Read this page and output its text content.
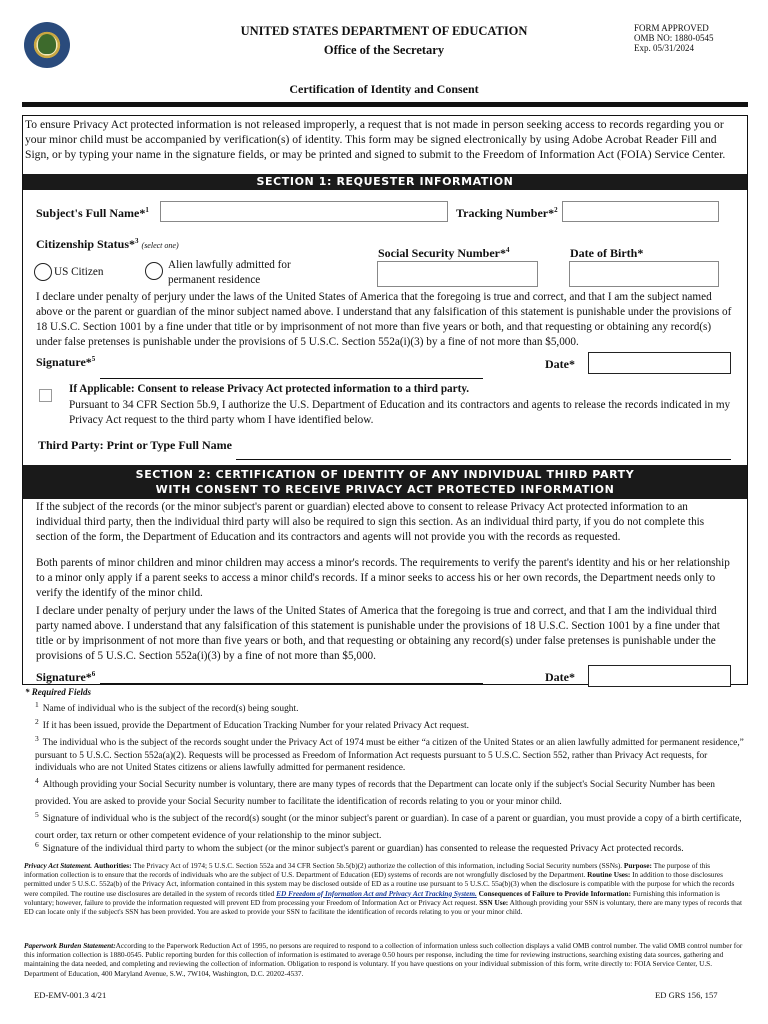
UNITED STATES DEPARTMENT OF EDUCATION
Office of the Secretary
FORM APPROVED
OMB NO: 1880-0545
Exp. 05/31/2024
Certification of Identity and Consent
To ensure Privacy Act protected information is not released improperly, a request that is not made in person seeking access to records regarding you or your minor child must be accompanied by verification(s) of identity. This form may be signed electronically by using Adobe Acrobat Reader Fill and Sign, or by typing your name in the signature fields, or may be printed and signed to submit to the Freedom of Information Act (FOIA) Service Center.
SECTION 1: REQUESTER INFORMATION
Subject's Full Name*$^1$	Tracking Number*$^2$
Citizenship Status*$^3$ (select one)
US Citizen
Alien lawfully admitted for
permanent residence
Social Security Number*$^4$	Date of Birth*
I declare under penalty of perjury under the laws of the United States of America that the foregoing is true and correct, and that I am the subject named above or the parent or guardian of the minor subject named above. I understand that any falsification of this statement is punishable under the provisions of 18 U.S.C. Section 1001 by a fine under that title or by imprisonment of not more than five years or both, and that requesting or obtaining any record(s) under false pretenses is punishable under the provisions of 5 U.S.C. Section 552a(i)(3) by a fine of not more than $5,000.
Signature*$^5$	Date*
If Applicable: Consent to release Privacy Act protected information to a third party.
Pursuant to 34 CFR Section 5b.9, I authorize the U.S. Department of Education and its contractors and agents to release the records indicated in my Privacy Act request to the third party whom I have identified below.
Third Party: Print or Type Full Name
SECTION 2: CERTIFICATION OF IDENTITY OF ANY INDIVIDUAL THIRD PARTY
WITH CONSENT TO RECEIVE PRIVACY ACT PROTECTED INFORMATION
If the subject of the records (or the minor subject's parent or guardian) elected above to consent to release Privacy Act protected information to an individual third party, then the individual third party will also be required to sign this section. As an individual third party, if you do not complete this section of the form, the Department of Education and its contractors and agents will not provide you with the records as requested.
Both parents of minor children and minor children may access a minor's records. The requirements to verify the parent's identity and his or her relationship to a minor only apply if a parent seeks to access a minor child's records. If a minor seeks to access his or her own records, the Department needs only to verify the identify of the minor child.
I declare under penalty of perjury under the laws of the United States of America that the foregoing is true and correct, and that I am the individual third party named above. I understand that any falsification of this statement is punishable under the provisions of 18 U.S.C. Section 1001 by a fine under that title or by imprisonment of not more than five years or both, and that requesting or obtaining any record(s) under false pretenses is punishable under the provisions of 5 U.S.C. Section 552a(i)(3) by a fine of not more than $5,000.
Signature*$^6$	Date*
* Required Fields
$^1$ Name of individual who is the subject of the record(s) being sought.
$^2$ If it has been issued, provide the Department of Education Tracking Number for your related Privacy Act request.
$^3$ The individual who is the subject of the records sought under the Privacy Act of 1974 must be either “a citizen of the United States or an alien lawfully admitted for permanent residence,” pursuant to 5 U.S.C. Section 552a(a)(2). Requests will be processed as Freedom of Information Act requests pursuant to 5 U.S.C. Section 552, rather than Privacy Act requests, for individuals who are not United States citizens or aliens lawfully admitted for permanent residence.
$^4$ Although providing your Social Security number is voluntary, there are many types of records that the Department can locate only if the subject's Social Security Number has been provided. You are asked to provide your Social Security number to facilitate the identification of records relating to you or your minor child.
$^5$ Signature of individual who is the subject of the record(s) sought (or the minor subject's parent or guardian). In case of a parent or guardian, you must provide a copy of a birth certificate, court order, tax return or other competent evidence of your relationship to the minor subject.
$^6$ Signature of the individual third party to whom the subject (or the minor subject's parent or guardian) has consented to release the requested Privacy Act protected records.
Privacy Act Statement. Authorities: The Privacy Act of 1974; 5 U.S.C. Section 552a and 34 CFR Section 5b.5(b)(2) authorize the collection of this information, including Social Security numbers (SSNs). Purpose: The purpose of this information collection is to ensure that the records of individuals who are the subject of U.S. Department of Education (ED) systems of records are not wrongfully disclosed by the Department. Routine Uses: In addition to those disclosures permitted under 5 U.S.C. 552a(b) of the Privacy Act, information contained in this system may be disclosed outside of ED as a routine use pursuant to 5 U.S.C. 55a(b)(3) when the disclosure is compatible with the purpose for which the records were compiled. The routine use disclosures are detailed in the system of records titled ED Freedom of Information Act and Privacy Act Tracking System. Consequences of Failure to Provide Information: Furnishing this information is voluntary; however, failure to provide the information requested will prevent ED from processing your Freedom of Information Act or Privacy Act request. SSN Use: Although providing your SSN is voluntary, there are many types of records that ED can locate only if the subject's SSN has been provided. You are asked to provide your SSN to facilitate the identification of records relating to you or your minor child.
Paperwork Burden Statement:According to the Paperwork Reduction Act of 1995, no persons are required to respond to a collection of information unless such collection displays a valid OMB control number. The valid OMB control number for this information collection is 1880-0545. Public reporting burden for this collection of information is estimated to average 0.50 hours per response, including the time for reviewing instructions, searching existing data sources, gathering and maintaining the data needed, and completing and reviewing the collection of information. Obligation to respond is voluntary. If you have questions on your individual submission of this form, write directly to: FOIA Service Center, U.S. Department of Education, 400 Maryland Avenue, S.W., 7W104, Washington, D.C. 20202-4537.
ED-EMV-001.3 4/21	ED GRS 156, 157
